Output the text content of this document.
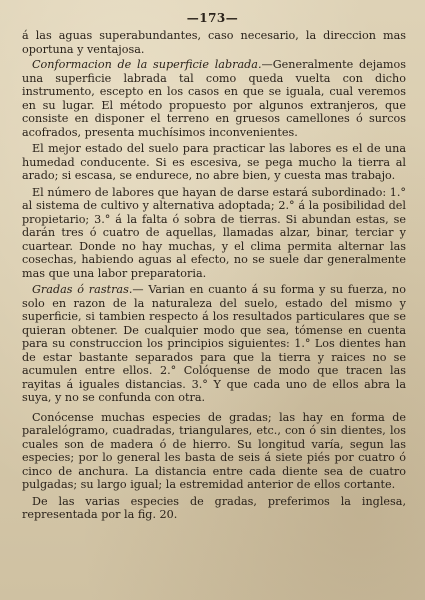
—173—

á las aguas superabundantes, caso necesario, la direccion mas oportuna y ventajosa.

Conformacion de la superficie labrada.—Generalmente dejamos una superficie labrada tal como queda vuelta con dicho instrumento, escepto en los casos en que se iguala, cual veremos en su lugar. El método propuesto por algunos extranjeros, que consiste en disponer el terreno en gruesos camellones ó surcos acofrados, presenta muchísimos inconvenientes.

El mejor estado del suelo para practicar las labores es el de una humedad conducente. Si es escesiva, se pega mucho la tierra al arado; si escasa, se endurece, no abre bien, y cuesta mas trabajo.

El número de labores que hayan de darse estará subordinado: 1.° al sistema de cultivo y alternativa adoptada; 2.° á la posibilidad del propietario; 3.° á la falta ó sobra de tierras. Si abundan estas, se darán tres ó cuatro de aquellas, llamadas alzar, binar, terciar y cuartear. Donde no hay muchas, y el clima permita alternar las cosechas, habiendo aguas al efecto, no se suele dar generalmente mas que una labor preparatoria.

Gradas ó rastras.— Varian en cuanto á su forma y su fuerza, no solo en razon de la naturaleza del suelo, estado del mismo y superficie, si tambien respecto á los resultados particulares que se quieran obtener. De cualquier modo que sea, tómense en cuenta para su construccion los principios siguientes: 1.° Los dientes han de estar bastante separados para que la tierra y raices no se acumulen entre ellos. 2.° Colóquense de modo que tracen las rayitas á iguales distancias. 3.° Y que cada uno de ellos abra la suya, y no se confunda con otra.

Conócense muchas especies de gradas; las hay en forma de paralelógramo, cuadradas, triangulares, etc., con ó sin dientes, los cuales son de madera ó de hierro. Su longitud varía, segun las especies; por lo general les basta de seis á siete piés por cuatro ó cinco de anchura. La distancia entre cada diente sea de cuatro pulgadas; su largo igual; la estremidad anterior de ellos cortante.

De las varias especies de gradas, preferimos la inglesa, representada por la fig. 20.
